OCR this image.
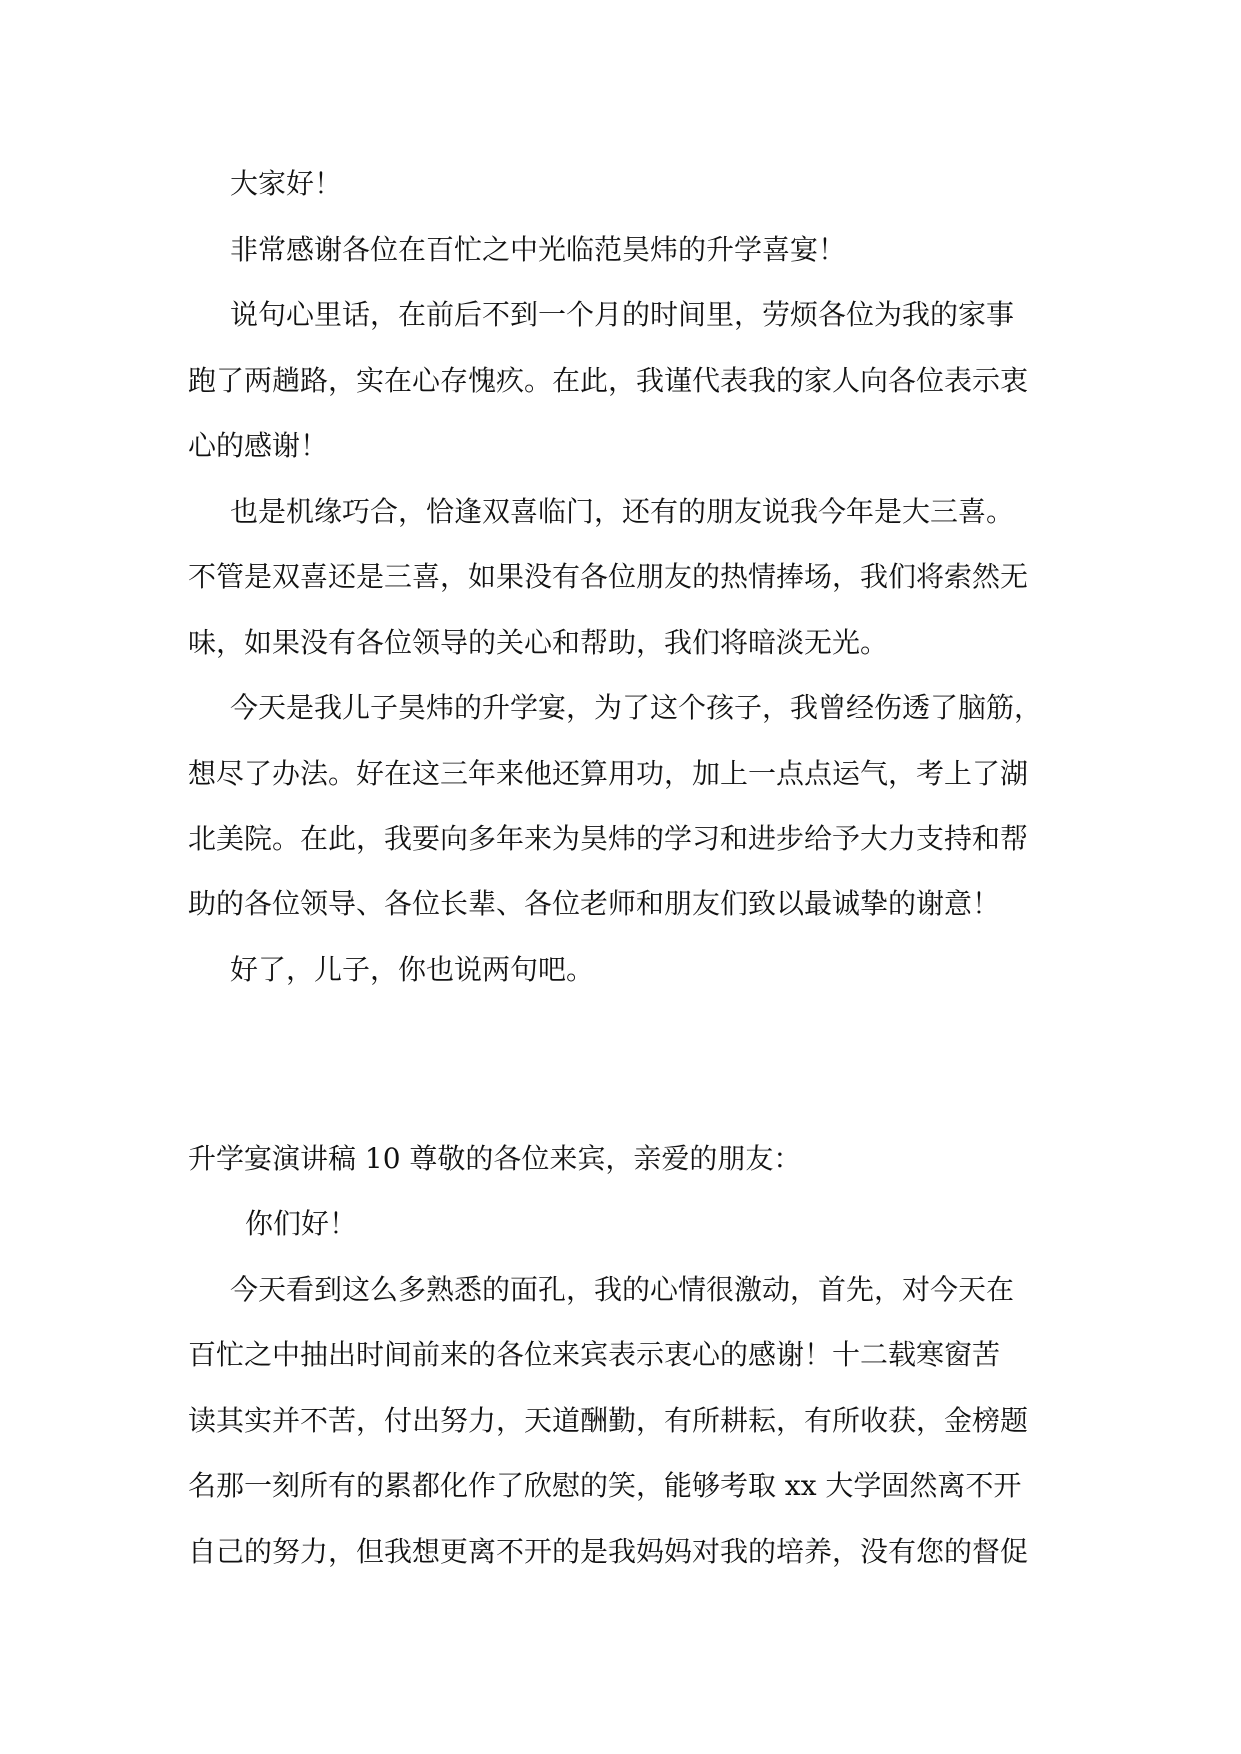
大家好！
非常感谢各位在百忙之中光临范昊炜的升学喜宴！
说句心里话，在前后不到一个月的时间里，劳烦各位为我的家事
跑了两趟路，实在心存愧疚。在此，我谨代表我的家人向各位表示衷
心的感谢！
也是机缘巧合，恰逢双喜临门，还有的朋友说我今年是大三喜。
不管是双喜还是三喜，如果没有各位朋友的热情捧场，我们将索然无
味，如果没有各位领导的关心和帮助，我们将暗淡无光。
今天是我儿子昊炜的升学宴，为了这个孩子，我曾经伤透了脑筋，
想尽了办法。好在这三年来他还算用功，加上一点点运气，考上了湖
北美院。在此，我要向多年来为昊炜的学习和进步给予大力支持和帮
助的各位领导、各位长辈、各位老师和朋友们致以最诚挚的谢意！
好了，儿子，你也说两句吧。
升学宴演讲稿 10 尊敬的各位来宾，亲爱的朋友：
你们好！
今天看到这么多熟悉的面孔，我的心情很激动，首先，对今天在
百忙之中抽出时间前来的各位来宾表示衷心的感谢！十二载寒窗苦
读其实并不苦，付出努力，天道酬勤，有所耕耘，有所收获，金榜题
名那一刻所有的累都化作了欣慰的笑，能够考取 xx 大学固然离不开
自己的努力，但我想更离不开的是我妈妈对我的培养，没有您的督促
